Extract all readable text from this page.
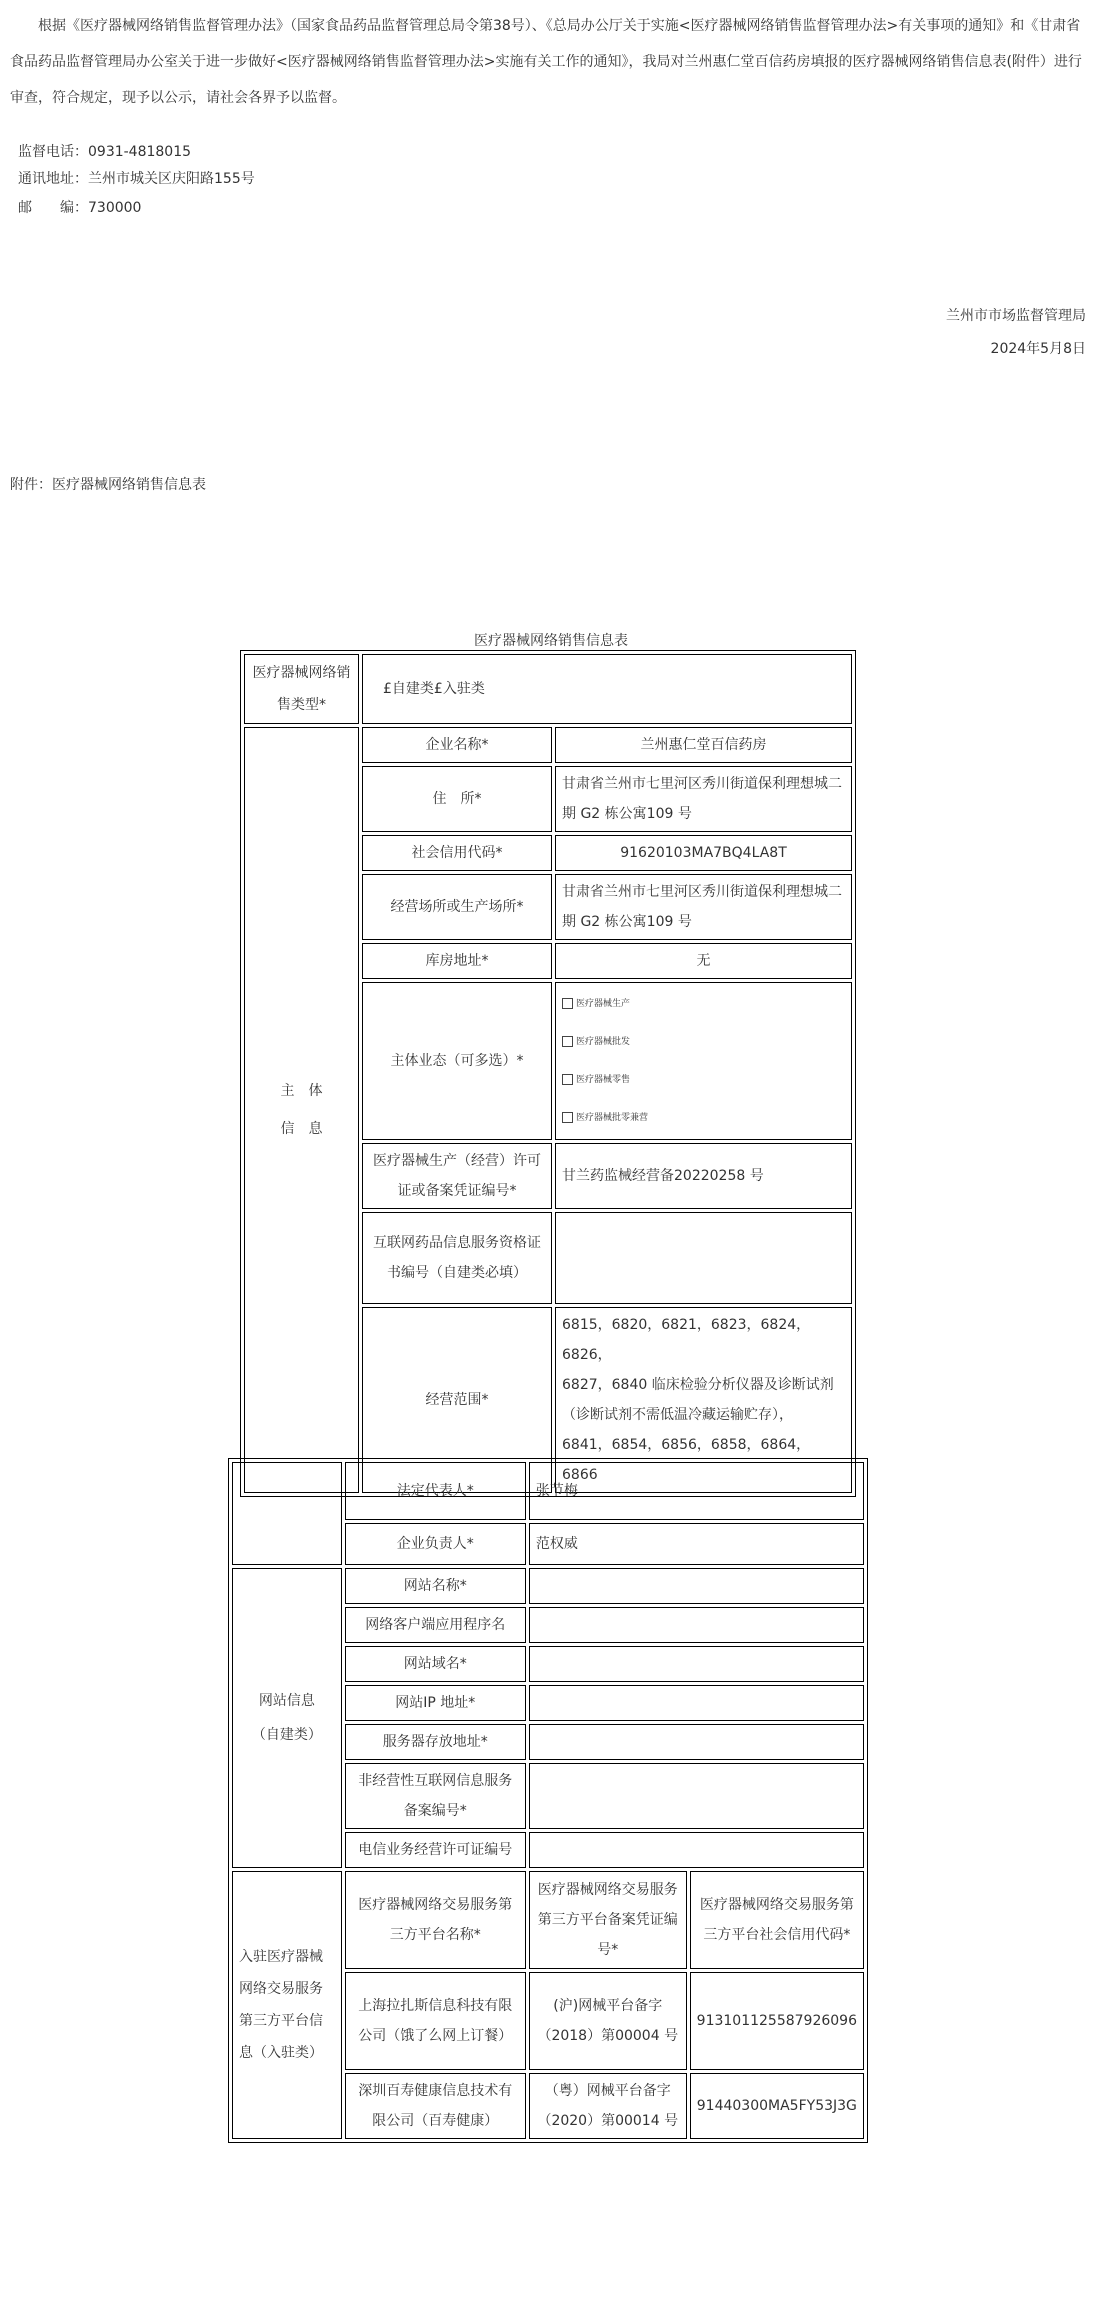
根据《医疗器械网络销售监督管理办法》（国家食品药品监督管理总局令第38号）、《总局办公厅关于实施<医疗器械网络销售监督管理办法>有关事项的通知》和《甘肃省食品药品监督管理局办公室关于进一步做好<医疗器械网络销售监督管理办法>实施有关工作的通知》，我局对兰州惠仁堂百信药房填报的医疗器械网络销售信息表(附件）进行审查，符合规定，现予以公示，请社会各界予以监督。

监督电话：0931-4818015
通讯地址：兰州市城关区庆阳路155号
邮　　编：730000
兰州市市场监督管理局
2024年5月8日
附件：医疗器械网络销售信息表
医疗器械网络销售信息表
医疗器械网络销售类型*	£自建类£入驻类	
主　体
信　息	企业名称*	兰州惠仁堂百信药房
	住　所*	甘肃省兰州市七里河区秀川街道保利理想城二期 G2 栋公寓109 号
	社会信用代码*	91620103MA7BQ4LA8T
	经营场所或生产场所*	甘肃省兰州市七里河区秀川街道保利理想城二期 G2 栋公寓109 号
	库房地址*	无
	主体业态（可多选）*	医疗器械生产
医疗器械批发
医疗器械零售
医疗器械批零兼营

	医疗器械生产（经营）许可证或备案凭证编号*	甘兰药监械经营备20220258 号
	互联网药品信息服务资格证书编号（自建类必填）	
	经营范围*	6815，6820，6821，6823，6824，6826，
6827，6840 临床检验分析仪器及诊断试剂（诊断试剂不需低温冷藏运输贮存），
6841，6854，6856，6858，6864，6866
	法定代表人*	张节梅	
	企业负责人*	范权威	
网站信息
（自建类）	网站名称*		
	网络客户端应用程序名		
	网站域名*		
	网站IP 地址*		
	服务器存放地址*		
	非经营性互联网信息服务备案编号*		
	电信业务经营许可证编号		
入驻医疗器械网络交易服务第三方平台信息（入驻类）	医疗器械网络交易服务第三方平台名称*	医疗器械网络交易服务第三方平台备案凭证编号*	医疗器械网络交易服务第三方平台社会信用代码*
	上海拉扎斯信息科技有限公司（饿了么网上订餐）	(沪)网械平台备字（2018）第00004 号	913101125587926096
	深圳百寿健康信息技术有限公司（百寿健康）	（粤）网械平台备字（2020）第00014 号	91440300MA5FY53J3G
